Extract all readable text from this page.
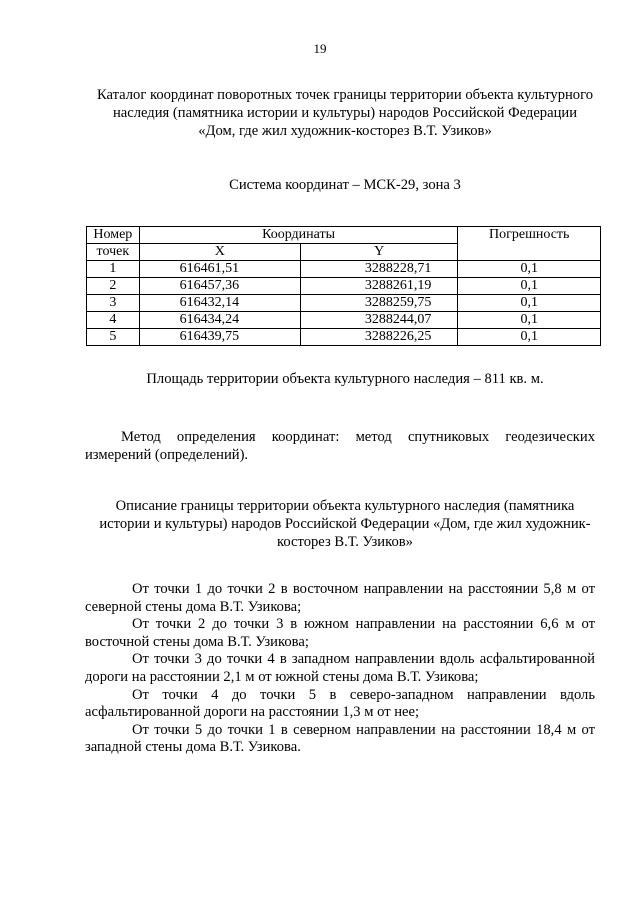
19
Каталог координат поворотных точек границы территории объекта культурного наследия (памятника истории и культуры) народов Российской Федерации «Дом, где жил художник-косторез В.Т. Узиков»
Система координат – МСК-29, зона 3
Номер	Координаты		Погрешность
точек	X	Y	
1	616461,51	3288228,71	0,1
2	616457,36	3288261,19	0,1
3	616432,14	3288259,75	0,1
4	616434,24	3288244,07	0,1
5	616439,75	3288226,25	0,1
Площадь территории объекта культурного наследия – 811 кв. м.
Метод определения координат: метод спутниковых геодезических измерений (определений).
Описание границы территории объекта культурного наследия (памятника истории и культуры) народов Российской Федерации «Дом, где жил художник-косторез В.Т. Узиков»

От точки 1 до точки 2 в восточном направлении на расстоянии 5,8 м от северной стены дома В.Т. Узикова;

От точки 2 до точки 3 в южном направлении на расстоянии 6,6 м от восточной стены дома В.Т. Узикова;

От точки 3 до точки 4 в западном направлении вдоль асфальтированной дороги на расстоянии 2,1 м от южной стены дома В.Т. Узикова;

От точки 4 до точки 5 в северо-западном направлении вдоль асфальтированной дороги на расстоянии 1,3 м от нее;

От точки 5 до точки 1 в северном направлении на расстоянии 18,4 м от западной стены дома В.Т. Узикова.
